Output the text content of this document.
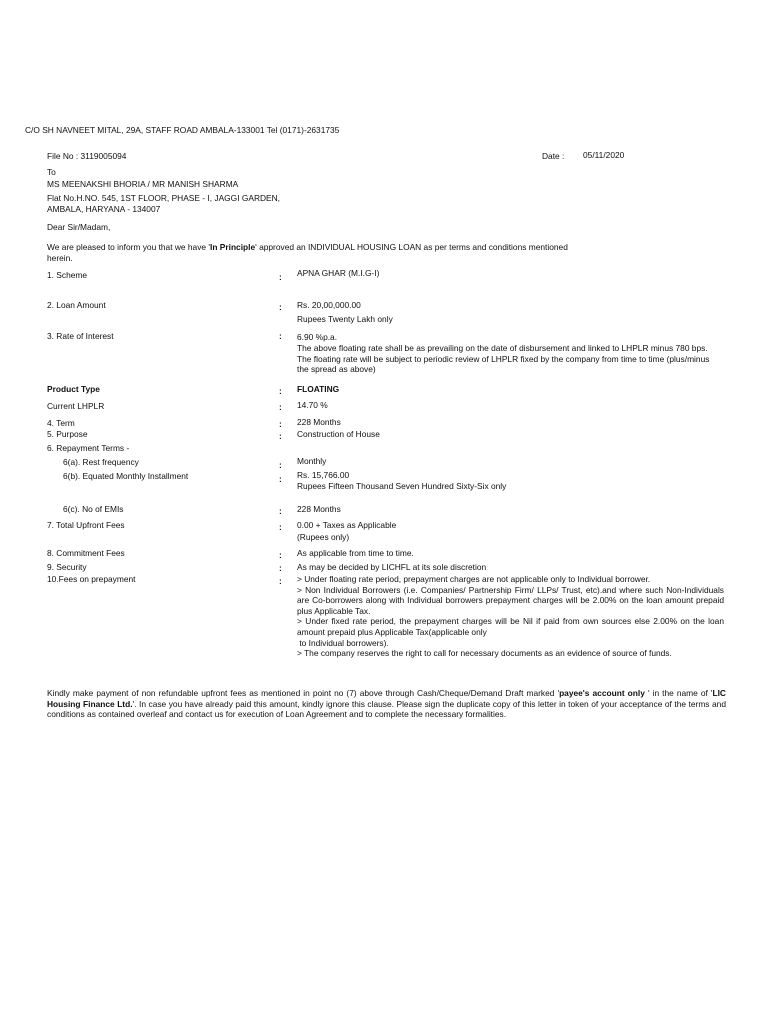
C/O SH NAVNEET MITAL, 29A, STAFF ROAD AMBALA-133001 Tel (0171)-2631735
File No : 3119005094	Date : 05/11/2020
To
MS MEENAKSHI BHORIA / MR MANISH SHARMA
Flat No.H.NO. 545, 1ST FLOOR, PHASE - I, JAGGI GARDEN,
AMBALA, HARYANA - 134007
Dear Sir/Madam,
We are pleased to inform you that we have 'In Principle' approved an INDIVIDUAL HOUSING LOAN as per terms and conditions mentioned
herein.
1. Scheme	: APNA GHAR (M.I.G-I)
2. Loan Amount	: Rs. 20,00,000.00
Rupees Twenty Lakh only
3. Rate of Interest	: 6.90 %p.a.
The above floating rate shall be as prevailing on the date of disbursement and linked to LHPLR minus 780 bps. The floating rate will be subject to periodic review of LHPLR fixed by the company from time to time (plus/minus the spread as above)
Product Type	: FLOATING
Current LHPLR	: 14.70 %
4. Term	: 228 Months
5. Purpose	: Construction of House
6. Repayment Terms -
6(a). Rest frequency	: Monthly
6(b). Equated Monthly Installment	: Rs. 15,766.00
Rupees Fifteen Thousand Seven Hundred Sixty-Six only
6(c). No of EMIs	: 228 Months
7. Total Upfront Fees	: 0.00 + Taxes as Applicable
(Rupees only)
8. Commitment Fees	: As applicable from time to time.
9. Security	: As may be decided by LICHFL at its sole discretion
10.Fees on prepayment	: > Under floating rate period, prepayment charges are not applicable only to Individual borrower.
> Non Individual Borrowers (i.e. Companies/ Partnership Firm/ LLPs/ Trust, etc).and where such Non-Individuals are Co-borrowers along with Individual borrowers prepayment charges will be 2.00% on the loan amount prepaid plus Applicable Tax.
> Under fixed rate period, the prepayment charges will be Nil if paid from own sources else 2.00% on the loan amount prepaid plus Applicable Tax(applicable only
to Individual borrowers).
> The company reserves the right to call for necessary documents as an evidence of source of funds.
Kindly make payment of non refundable upfront fees as mentioned in point no (7) above through Cash/Cheque/Demand Draft marked 'payee's account only ' in the name of 'LIC Housing Finance Ltd.'. In case you have already paid this amount, kindly ignore this clause. Please sign the duplicate copy of this letter in token of your acceptance of the terms and conditions as contained overleaf and contact us for execution of Loan Agreement and to complete the necessary formalities.
